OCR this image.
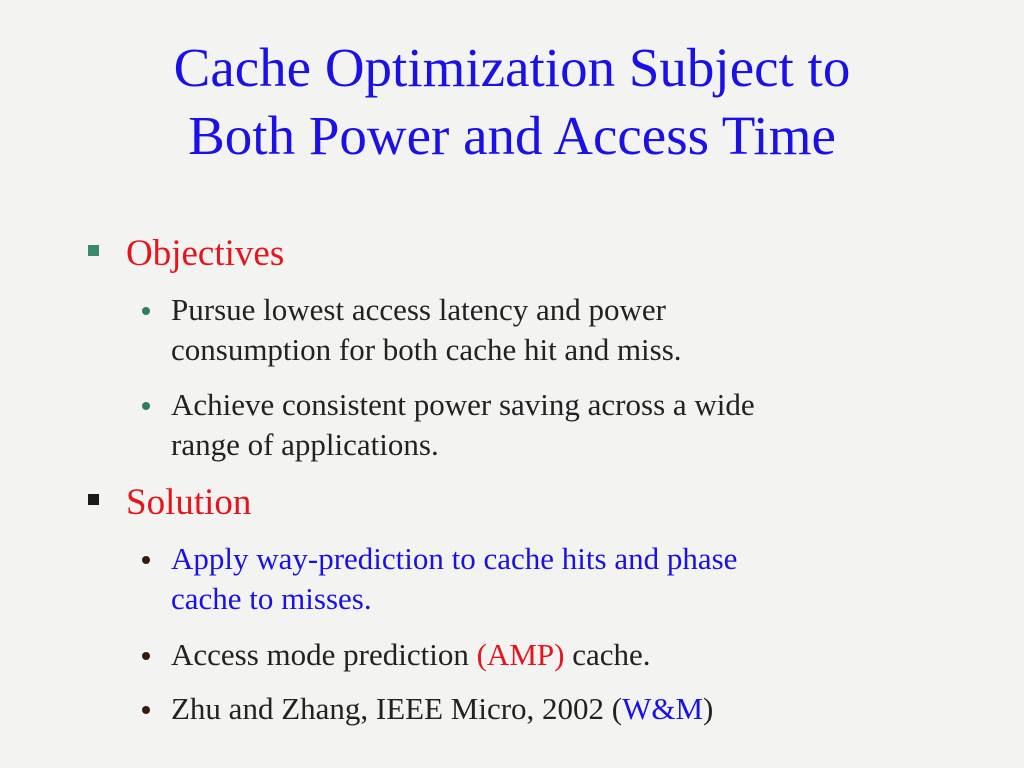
Cache Optimization Subject to
Both Power and Access Time
Objectives
Pursue lowest access latency and power
consumption for both cache hit and miss.
Achieve consistent power saving across a wide
range of applications.
Solution
Apply way-prediction to cache hits and phase
cache to misses.
Access mode prediction (AMP) cache.
Zhu and Zhang, IEEE Micro, 2002 (W&M)
